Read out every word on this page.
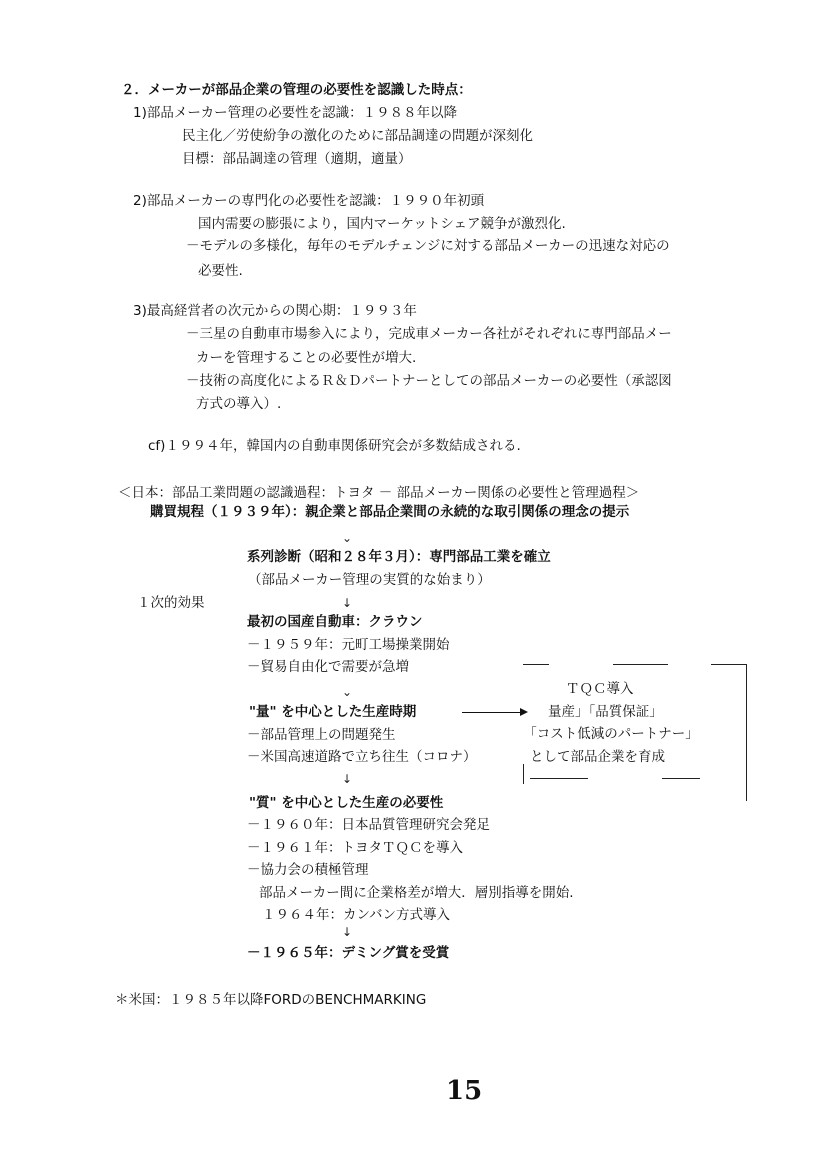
２．メーカーが部品企業の管理の必要性を認識した時点：
1)部品メーカー管理の必要性を認識：１９８８年以降
民主化／労使紛争の激化のために部品調達の問題が深刻化
目標：部品調達の管理（適期，適量）
2)部品メーカーの専門化の必要性を認識：１９９０年初頭
国内需要の膨張により，国内マーケットシェア競争が激烈化.
－モデルの多様化，毎年のモデルチェンジに対する部品メーカーの迅速な対応の
必要性.
3)最高経営者の次元からの関心期：１９９３年
－三星の自動車市場参入により，完成車メーカー各社がそれぞれに専門部品メー
カーを管理することの必要性が増大.
－技術の高度化によるＲ＆Ｄパートナーとしての部品メーカーの必要性（承認図
方式の導入）.
cf)１９９４年，韓国内の自動車関係研究会が多数結成される.
＜日本：部品工業問題の認識過程：トヨタ － 部品メーカー関係の必要性と管理過程＞
購買規程（１９３９年）：親企業と部品企業間の永続的な取引関係の理念の提示
⌄
系列診断（昭和２８年３月）：専門部品工業を確立
（部品メーカー管理の実質的な始まり）
１次的効果	↓
最初の国産自動車：クラウン
－１９５９年：元町工場操業開始
－貿易自由化で需要が急増
⌄
"量" を中心とした生産時期
－部品管理上の問題発生
－米国高速道路で立ち往生（コロナ）
↓
ＴＱＣ導入
量産｣「品質保証｣
｢コスト低減のパートナー｣
として部品企業を育成
"質" を中心とした生産の必要性
－１９６０年：日本品質管理研究会発足
－１９６１年：トヨタＴＱＣを導入
－協力会の積極管理
部品メーカー間に企業格差が増大．層別指導を開始.
１９６４年：カンバン方式導入
↓
－１９６５年：デミング賞を受賞
＊米国：１９８５年以降FORDのBENCHMARKING
15
